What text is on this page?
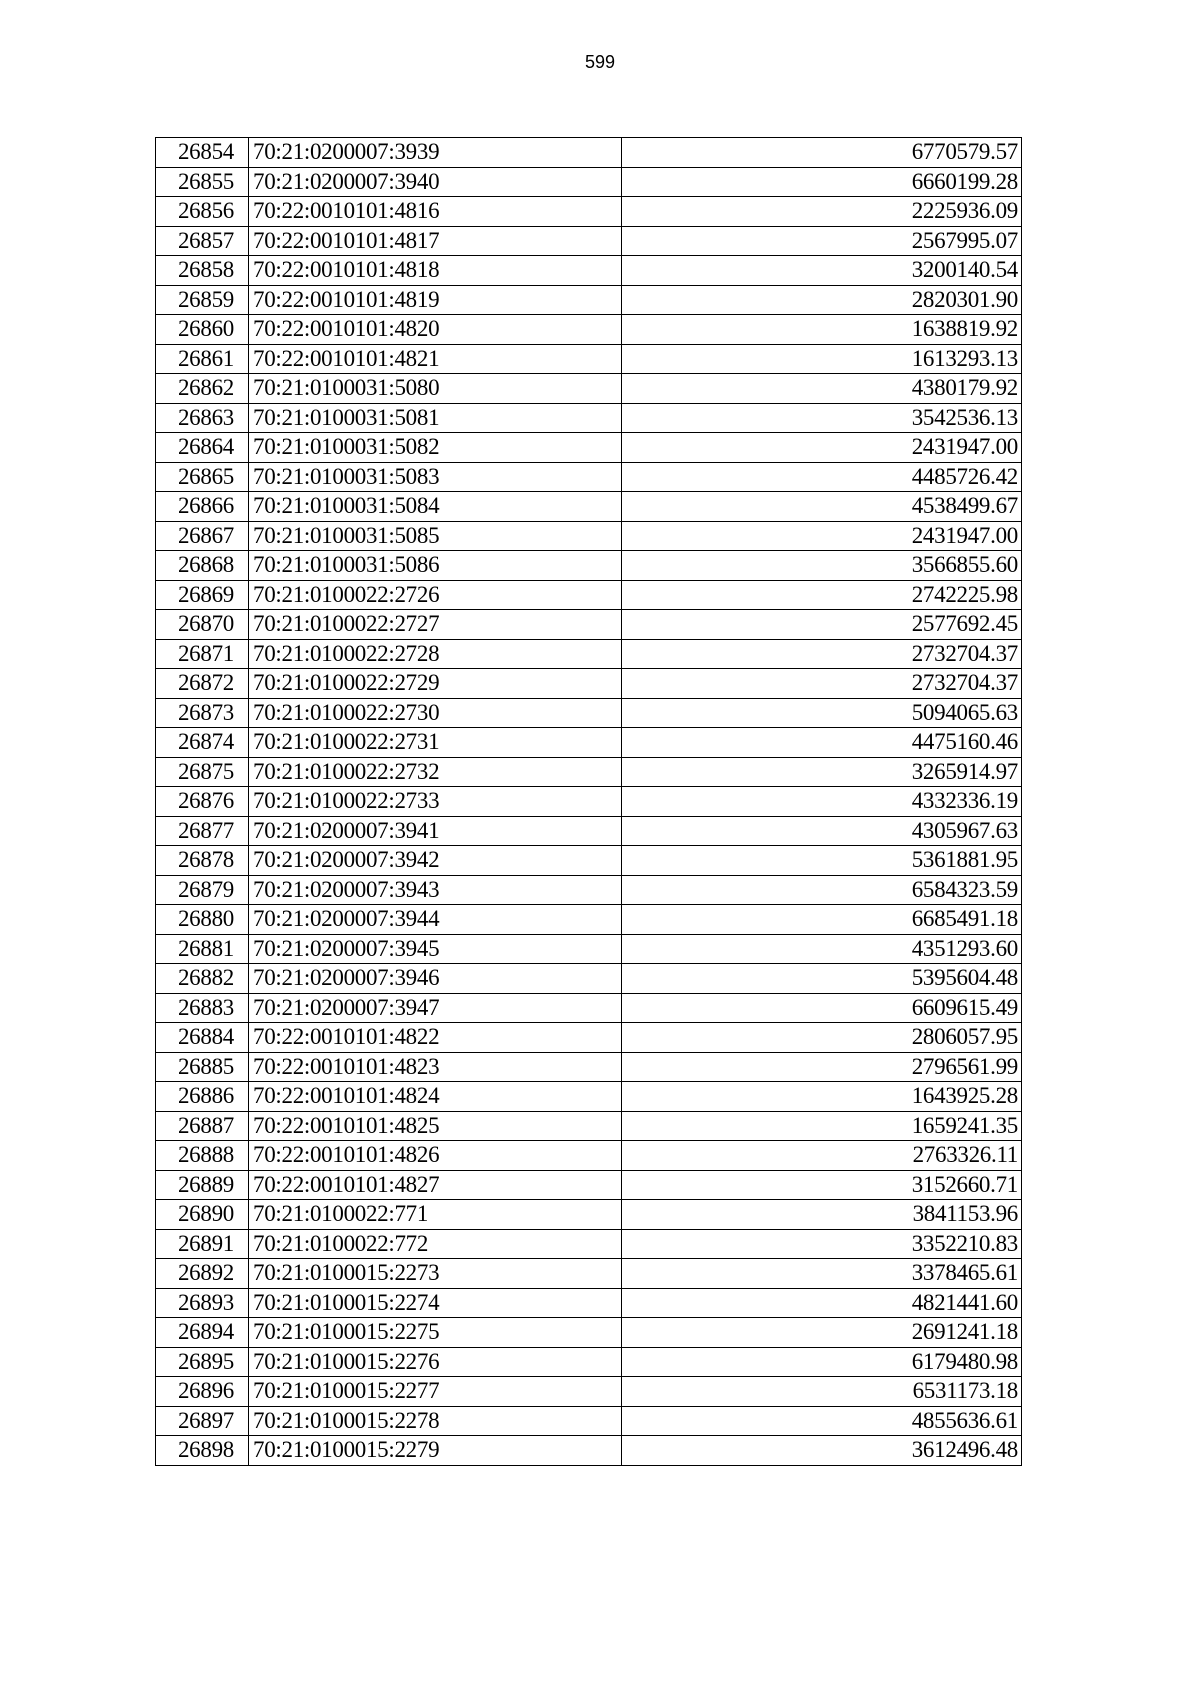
599
26854	70:21:0200007:3939	6770579.57
26855	70:21:0200007:3940	6660199.28
26856	70:22:0010101:4816	2225936.09
26857	70:22:0010101:4817	2567995.07
26858	70:22:0010101:4818	3200140.54
26859	70:22:0010101:4819	2820301.90
26860	70:22:0010101:4820	1638819.92
26861	70:22:0010101:4821	1613293.13
26862	70:21:0100031:5080	4380179.92
26863	70:21:0100031:5081	3542536.13
26864	70:21:0100031:5082	2431947.00
26865	70:21:0100031:5083	4485726.42
26866	70:21:0100031:5084	4538499.67
26867	70:21:0100031:5085	2431947.00
26868	70:21:0100031:5086	3566855.60
26869	70:21:0100022:2726	2742225.98
26870	70:21:0100022:2727	2577692.45
26871	70:21:0100022:2728	2732704.37
26872	70:21:0100022:2729	2732704.37
26873	70:21:0100022:2730	5094065.63
26874	70:21:0100022:2731	4475160.46
26875	70:21:0100022:2732	3265914.97
26876	70:21:0100022:2733	4332336.19
26877	70:21:0200007:3941	4305967.63
26878	70:21:0200007:3942	5361881.95
26879	70:21:0200007:3943	6584323.59
26880	70:21:0200007:3944	6685491.18
26881	70:21:0200007:3945	4351293.60
26882	70:21:0200007:3946	5395604.48
26883	70:21:0200007:3947	6609615.49
26884	70:22:0010101:4822	2806057.95
26885	70:22:0010101:4823	2796561.99
26886	70:22:0010101:4824	1643925.28
26887	70:22:0010101:4825	1659241.35
26888	70:22:0010101:4826	2763326.11
26889	70:22:0010101:4827	3152660.71
26890	70:21:0100022:771	3841153.96
26891	70:21:0100022:772	3352210.83
26892	70:21:0100015:2273	3378465.61
26893	70:21:0100015:2274	4821441.60
26894	70:21:0100015:2275	2691241.18
26895	70:21:0100015:2276	6179480.98
26896	70:21:0100015:2277	6531173.18
26897	70:21:0100015:2278	4855636.61
26898	70:21:0100015:2279	3612496.48
